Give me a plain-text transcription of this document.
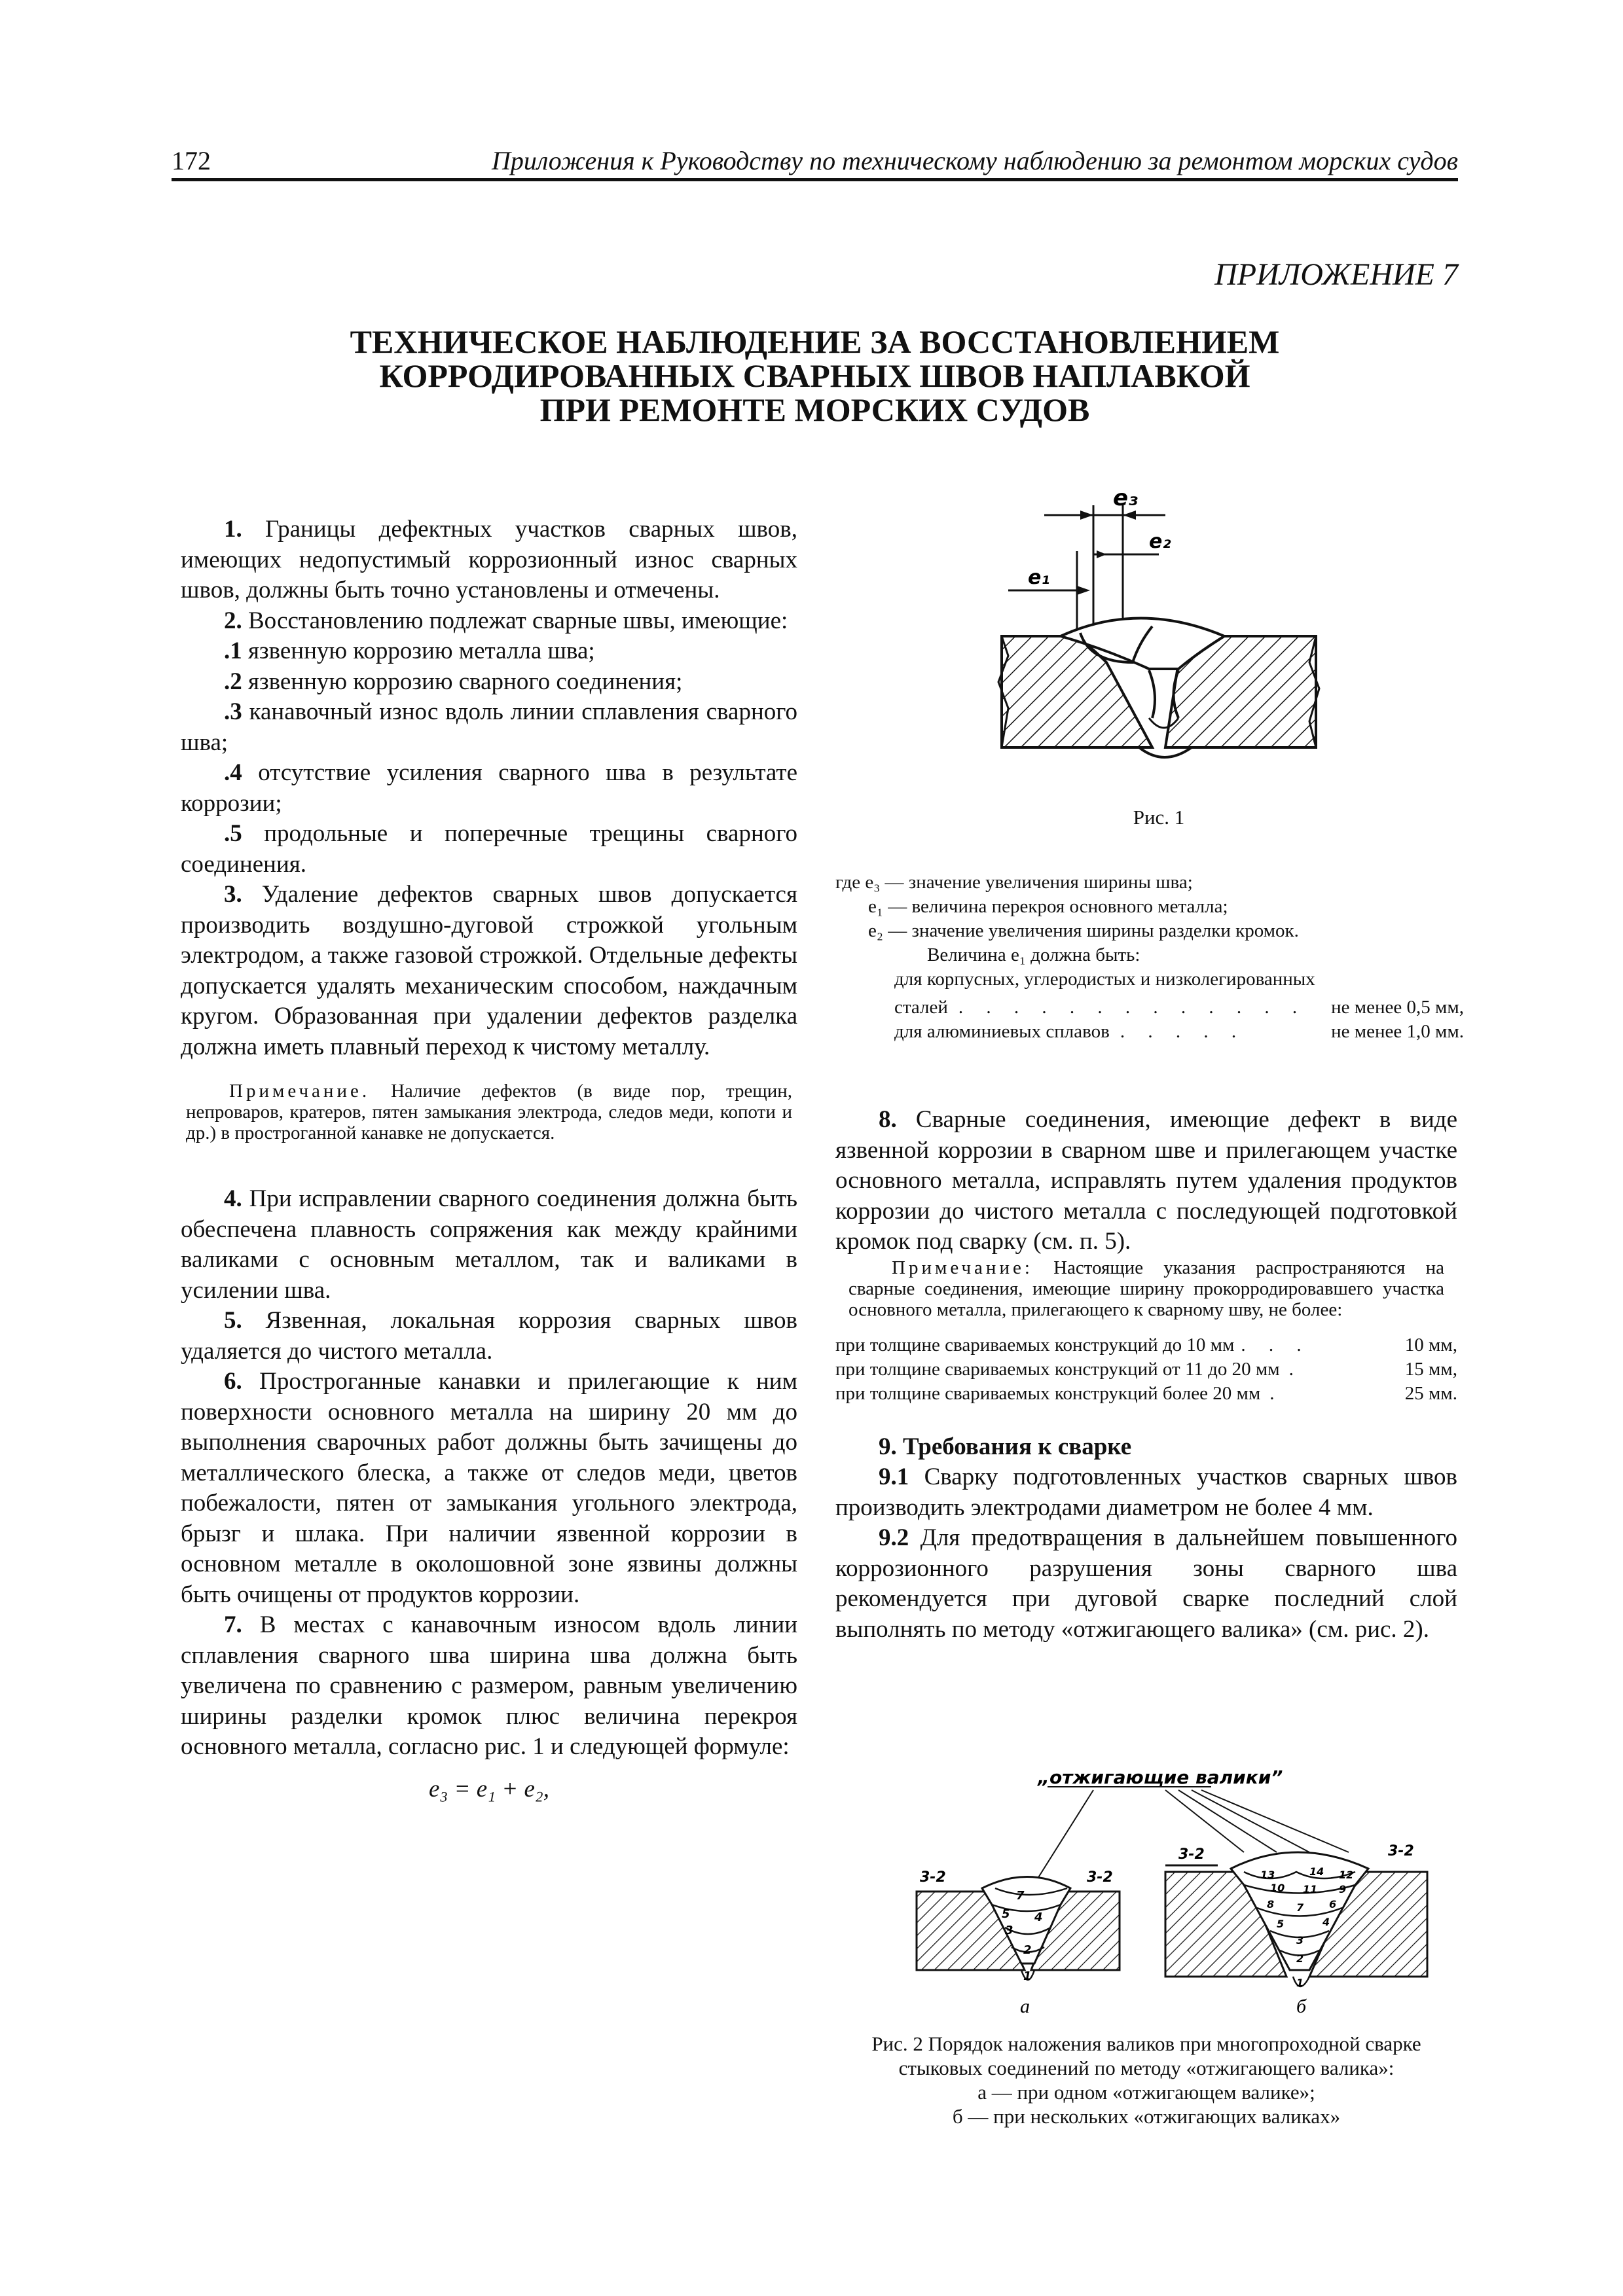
172	Приложения к Руководству по техническому наблюдению за ремонтом морских судов
ПРИЛОЖЕНИЕ 7
ТЕХНИЧЕСКОЕ НАБЛЮДЕНИЕ ЗА ВОССТАНОВЛЕНИЕМ
КОРРОДИРОВАННЫХ СВАРНЫХ ШВОВ НАПЛАВКОЙ
ПРИ РЕМОНТЕ МОРСКИХ СУДОВ

1. Границы дефектных участков сварных швов, имеющих недопустимый коррозионный износ сварных швов, должны быть точно установлены и отмечены.

2. Восстановлению подлежат сварные швы, имеющие:

.1 язвенную коррозию металла шва;

.2 язвенную коррозию сварного соединения;

.3 канавочный износ вдоль линии сплавления сварного шва;

.4 отсутствие усиления сварного шва в результате коррозии;

.5 продольные и поперечные трещины сварного соединения.

3. Удаление дефектов сварных швов допускается производить воздушно-дуговой строжкой угольным электродом, а также газовой строжкой. Отдельные дефекты допускается удалять механическим способом, наждачным кругом. Образованная при удалении дефектов разделка должна иметь плавный переход к чистому металлу.

Примечание. Наличие дефектов (в виде пор, трещин, непроваров, кратеров, пятен замыкания электрода, следов меди, копоти и др.) в прострoганной канавке не допускается.

4. При исправлении сварного соединения должна быть обеспечена плавность сопряжения как между крайними валиками с основным металлом, так и валиками в усилении шва.

5. Язвенная, локальная коррозия сварных швов удаляется до чистого металла.

6. Прострoганные канавки и прилегающие к ним поверхности основного металла на ширину 20 мм до выполнения сварочных работ должны быть зачищены до металлического блеска, а также от следов меди, цветов побежалости, пятен от замыкания угольного электрода, брызг и шлака. При наличии язвенной коррозии в основном металле в околошовной зоне язвины должны быть очищены от продуктов коррозии.

7. В местах с канавочным износом вдоль линии сплавления сварного шва ширина шва должна быть увеличена по сравнению с размером, равным увеличению ширины разделки кромок плюс величина перекроя основного металла, согласно рис. 1 и следующей формуле:

e₃ = e₁ + e₂,
e₃
e₂
e₁
Рис. 1
где e₃ — значение увеличения ширины шва;
e₁ — величина перекроя основного металла;
e₂ — значение увеличения ширины разделки кромок.
Величина e₁ должна быть:
для корпусных, углеродистых и низколегированных
сталей . . . . . . . . . . . . .	не менее 0,5 мм,
для алюминиевых сплавов . . . . .	не менее 1,0 мм.

8. Сварные соединения, имеющие дефект в виде язвенной коррозии в сварном шве и прилегающем участке основного металла, исправлять путем удаления продуктов коррозии до чистого металла с последующей подготовкой кромок под сварку (см. п. 5).

Примечание: Настоящие указания распространяются на сварные соединения, имеющие ширину прокорродировавшего участка основного металла, прилегающего к сварному шву, не более:

при толщине свариваемых конструкций до 10 мм . . .	10 мм,
при толщине свариваемых конструкций от 11 до 20 мм .	15 мм,
при толщине свариваемых конструкций более 20 мм .	25 мм.
9. Требования к сварке

9.1 Сварку подготовленных участков сварных швов производить электродами диаметром не более 4 мм.

9.2 Для предотвращения в дальнейшем повышенного коррозионного разрушения зоны сварного шва рекомендуется при дуговой сварке последний слой выполнять по методу «отжигающего валика» (см. рис. 2).

„отжигающие валики”
3-2	3-2
7
5 4
3
2
1
а
3-2	3-2
13	14 12
10 11 9
8 7 6
5	4
3
2
1
б
Рис. 2 Порядок наложения валиков при многопроходной сварке
стыковых соединений по методу «отжигающего валика»:
а — при одном «отжигающем валике»;
б — при нескольких «отжигающих валиках»
